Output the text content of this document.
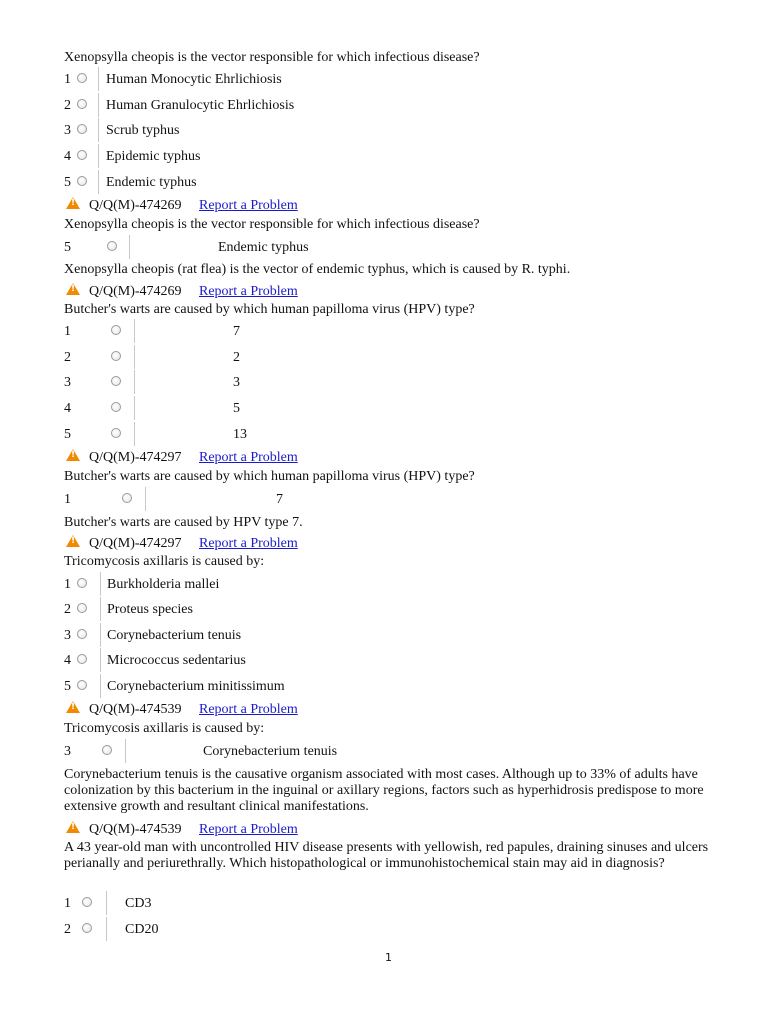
Xenopsylla cheopis is the vector responsible for which infectious disease?
1	Human Monocytic Ehrlichiosis
2	Human Granulocytic Ehrlichiosis
3	Scrub typhus
4	Epidemic typhus
5	Endemic typhus
!
Q/Q(M)-474269 Report a Problem
Xenopsylla cheopis is the vector responsible for which infectious disease?
5	Endemic typhus
Xenopsylla cheopis (rat flea) is the vector of endemic typhus, which is caused by R. typhi.
!
Q/Q(M)-474269 Report a Problem
Butcher's warts are caused by which human papilloma virus (HPV) type?
1	7
2	2
3	3
4	5
5	13
!
Q/Q(M)-474297 Report a Problem
Butcher's warts are caused by which human papilloma virus (HPV) type?
1	7
Butcher's warts are caused by HPV type 7.
!
Q/Q(M)-474297 Report a Problem
Tricomycosis axillaris is caused by:
1	Burkholderia mallei
2	Proteus species
3	Corynebacterium tenuis
4	Micrococcus sedentarius
5	Corynebacterium minitissimum
!
Q/Q(M)-474539 Report a Problem
Tricomycosis axillaris is caused by:
3	Corynebacterium tenuis
Corynebacterium tenuis is the causative organism associated with most cases. Although up to 33% of adults have colonization by this bacterium in the inguinal or axillary regions, factors such as hyperhidrosis predispose to more extensive growth and resultant clinical manifestations.
!
Q/Q(M)-474539 Report a Problem
A 43 year-old man with uncontrolled HIV disease presents with yellowish, red papules, draining sinuses and ulcers perianally and periurethrally. Which histopathological or immunohistochemical stain may aid in diagnosis?
1	CD3
2	CD20
1
